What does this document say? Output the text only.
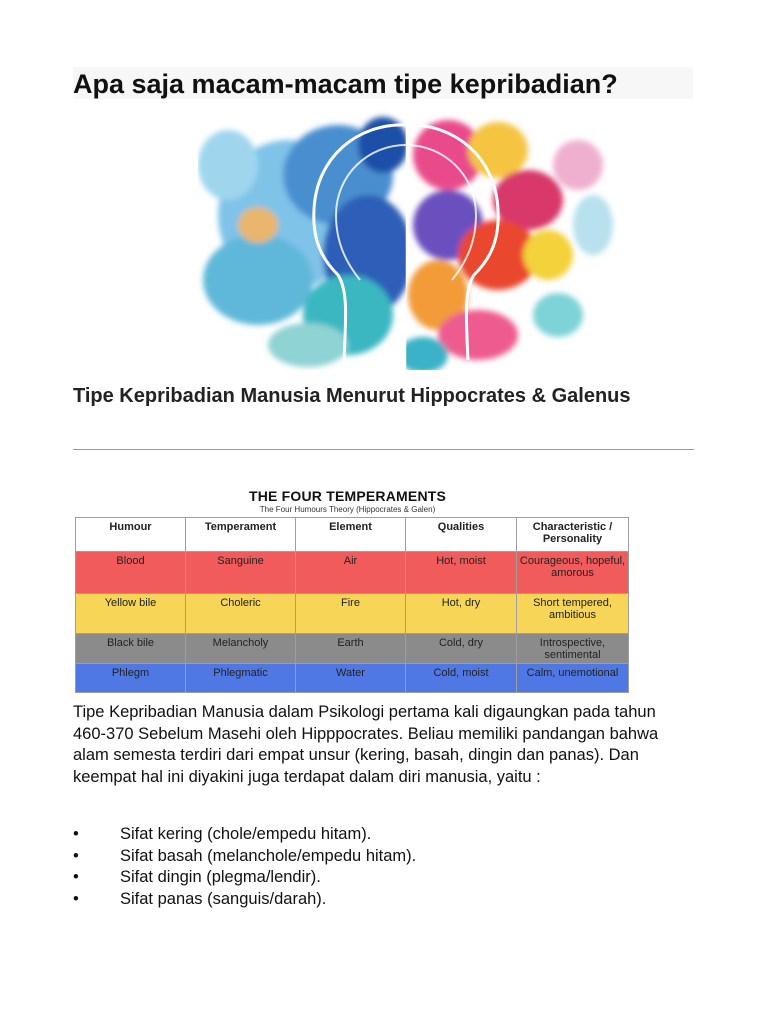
Apa saja macam-macam tipe kepribadian?
Tipe Kepribadian Manusia Menurut Hippocrates & Galenus
THE FOUR TEMPERAMENTS
The Four Humours Theory (Hippocrates & Galen)
Humour	Temperament	Element	Qualities	Characteristic / Personality
Blood	Sanguine	Air	Hot, moist	Courageous, hopeful, amorous
Yellow bile	Choleric	Fire	Hot, dry	Short tempered, ambitious
Black bile	Melancholy	Earth	Cold, dry	Introspective, sentimental
Phlegm	Phlegmatic	Water	Cold, moist	Calm, unemotional
Tipe Kepribadian Manusia dalam Psikologi pertama kali digaungkan pada tahun 460-370 Sebelum Masehi oleh Hipppocrates. Beliau memiliki pandangan bahwa alam semesta terdiri dari empat unsur (kering, basah, dingin dan panas). Dan keempat hal ini diyakini juga terdapat dalam diri manusia, yaitu :
• Sifat kering (chole/empedu hitam).
• Sifat basah (melanchole/empedu hitam).
• Sifat dingin (plegma/lendir).
• Sifat panas (sanguis/darah).
